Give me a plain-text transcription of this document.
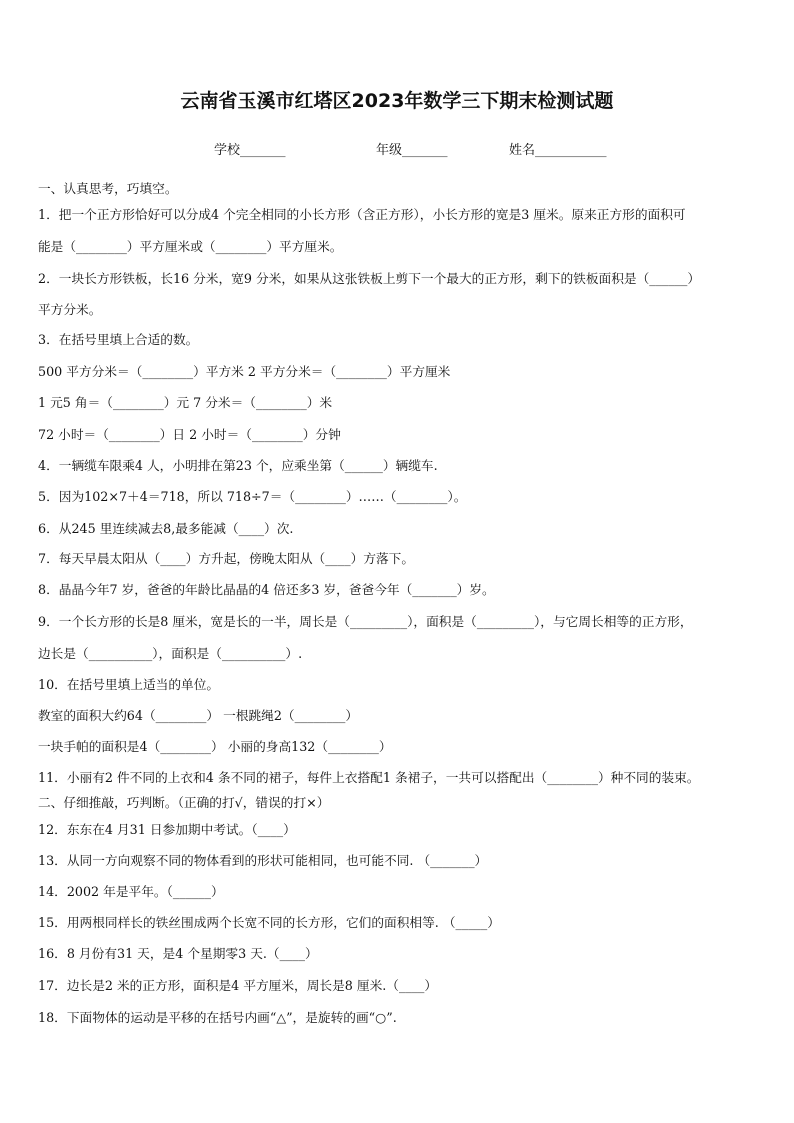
云南省玉溪市红塔区2023年数学三下期末检测试题
学校_______	年级_______	姓名___________
一、认真思考，巧填空。
1．把一个正方形恰好可以分成4 个完全相同的小长方形（含正方形），小长方形的宽是3 厘米。原来正方形的面积可
能是（________）平方厘米或（________）平方厘米。
2．一块长方形铁板，长16 分米，宽9 分米，如果从这张铁板上剪下一个最大的正方形，剩下的铁板面积是（______）
平方分米。
3．在括号里填上合适的数。
500 平方分米＝（________）平方米 2 平方分米＝（________）平方厘米
1 元5 角＝（________）元 7 分米＝（________）米
72 小时＝（________）日 2 小时＝（________）分钟
4．一辆缆车限乘4 人，小明排在第23 个，应乘坐第（______）辆缆车.
5．因为102×7＋4＝718，所以 718÷7＝（________）……（________）。
6．从245 里连续减去8,最多能减（____）次.
7．每天早晨太阳从（____）方升起，傍晚太阳从（____）方落下。
8．晶晶今年7 岁，爸爸的年龄比晶晶的4 倍还多3 岁，爸爸今年（_______）岁。
9．一个长方形的长是8 厘米，宽是长的一半，周长是（_________），面积是（_________），与它周长相等的正方形，
边长是（__________），面积是（__________）.
10．在括号里填上适当的单位。
教室的面积大约64（________） 一根跳绳2（________）
一块手帕的面积是4（________） 小丽的身高132（________）
11．小丽有2 件不同的上衣和4 条不同的裙子，每件上衣搭配1 条裙子，一共可以搭配出（________）种不同的装束。
二、仔细推敲，巧判断。（正确的打√，错误的打×）
12．东东在4 月31 日参加期中考试。（____）
13．从同一方向观察不同的物体看到的形状可能相同，也可能不同. （_______）
14．2002 年是平年。（______）
15．用两根同样长的铁丝围成两个长宽不同的长方形，它们的面积相等. （_____）
16．8 月份有31 天，是4 个星期零3 天.（____）
17．边长是2 米的正方形，面积是4 平方厘米，周长是8 厘米.（____）
18．下面物体的运动是平移的在括号内画“△”，是旋转的画“○”.
